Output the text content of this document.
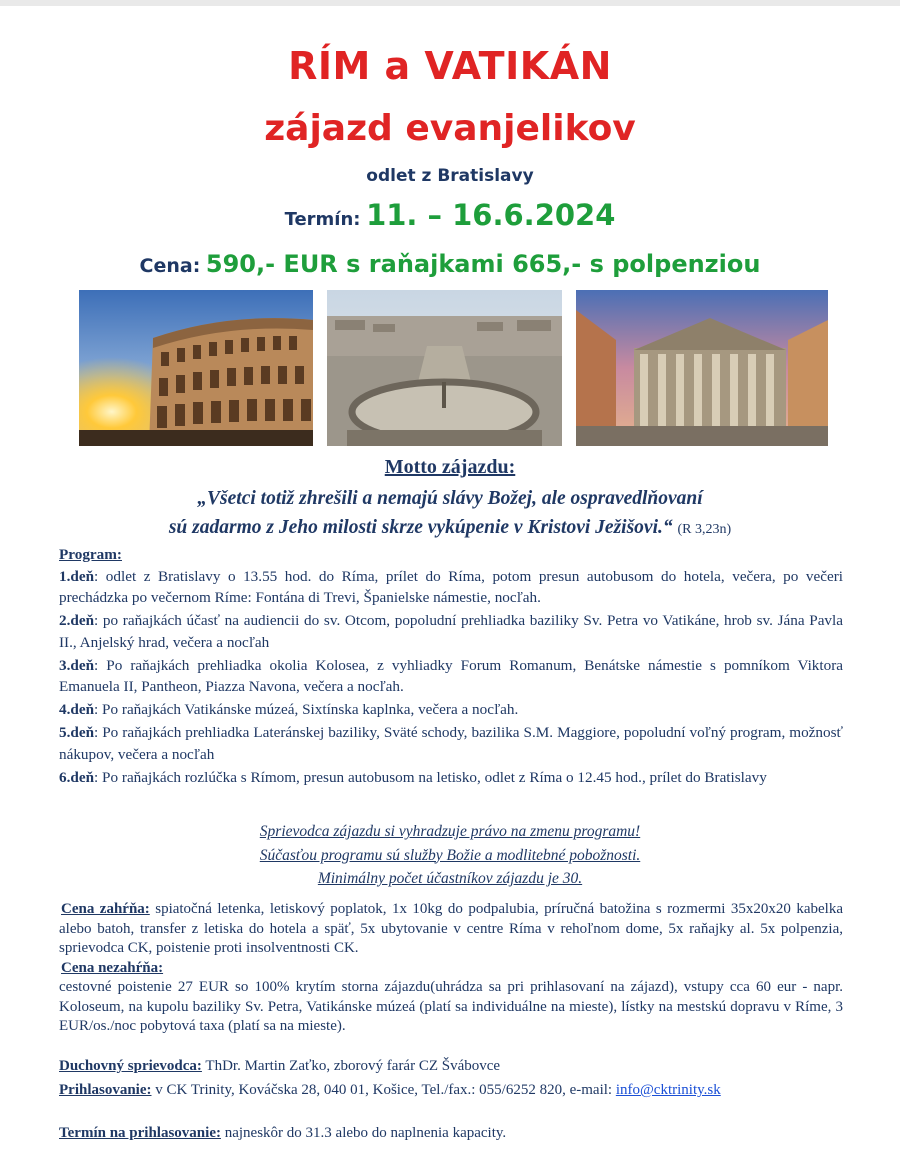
RÍM a VATIKÁN
zájazd evanjelikov
odlet z Bratislavy
Termín: 11. – 16.6.2024
Cena: 590,- EUR s raňajkami 665,- s polpenziou
Motto zájazdu:
„Všetci totiž zhrešili a nemajú slávy Božej, ale ospravedlňovaní
sú zadarmo z Jeho milosti skrze vykúpenie v Kristovi Ježišovi.“ (R 3,23n)
Program:

1.deň: odlet z Bratislavy o 13.55 hod. do Ríma, prílet do Ríma, potom presun autobusom do hotela, večera, po večeri prechádzka po večernom Ríme: Fontána di Trevi, Španielske námestie, nocľah.

2.deň: po raňajkách účasť na audiencii do sv. Otcom, popoludní prehliadka baziliky Sv. Petra vo Vatikáne, hrob sv. Jána Pavla II., Anjelský hrad, večera a nocľah

3.deň: Po raňajkách prehliadka okolia Kolosea, z vyhliadky Forum Romanum, Benátske námestie s pomníkom Viktora Emanuela II, Pantheon, Piazza Navona, večera a nocľah.

4.deň: Po raňajkách Vatikánske múzeá, Sixtínska kaplnka, večera a nocľah.

5.deň: Po raňajkách prehliadka Lateránskej baziliky, Sväté schody, bazilika S.M. Maggiore, popoludní voľný program, možnosť nákupov, večera a nocľah

6.deň: Po raňajkách rozlúčka s Rímom, presun autobusom na letisko, odlet z Ríma o 12.45 hod., prílet do Bratislavy

Sprievodca zájazdu si vyhradzuje právo na zmenu programu!
Súčasťou programu sú služby Božie a modlitebné pobožnosti.
Minimálny počet účastníkov zájazdu je 30.

Cena zahŕňa: spiatočná letenka, letiskový poplatok, 1x 10kg do podpalubia, príručná batožina s rozmermi 35x20x20 kabelka alebo batoh, transfer z letiska do hotela a späť, 5x ubytovanie v centre Ríma v rehoľnom dome, 5x raňajky al. 5x polpenzia, sprievodca CK, poistenie proti insolventnosti CK.

Cena nezahŕňa:

cestovné poistenie 27 EUR so 100% krytím storna zájazdu(uhrádza sa pri prihlasovaní na zájazd), vstupy cca 60 eur - napr. Koloseum, na kupolu baziliky Sv. Petra, Vatikánske múzeá (platí sa individuálne na mieste), lístky na mestskú dopravu v Ríme, 3 EUR/os./noc pobytová taxa (platí sa na mieste).

Duchovný sprievodca: ThDr. Martin Zaťko, zborový farár CZ Švábovce
Prihlasovanie: v CK Trinity, Kováčska 28, 040 01, Košice, Tel./fax.: 055/6252 820, e-mail: info@cktrinity.sk
Termín na prihlasovanie: najneskôr do 31.3 alebo do naplnenia kapacity.
